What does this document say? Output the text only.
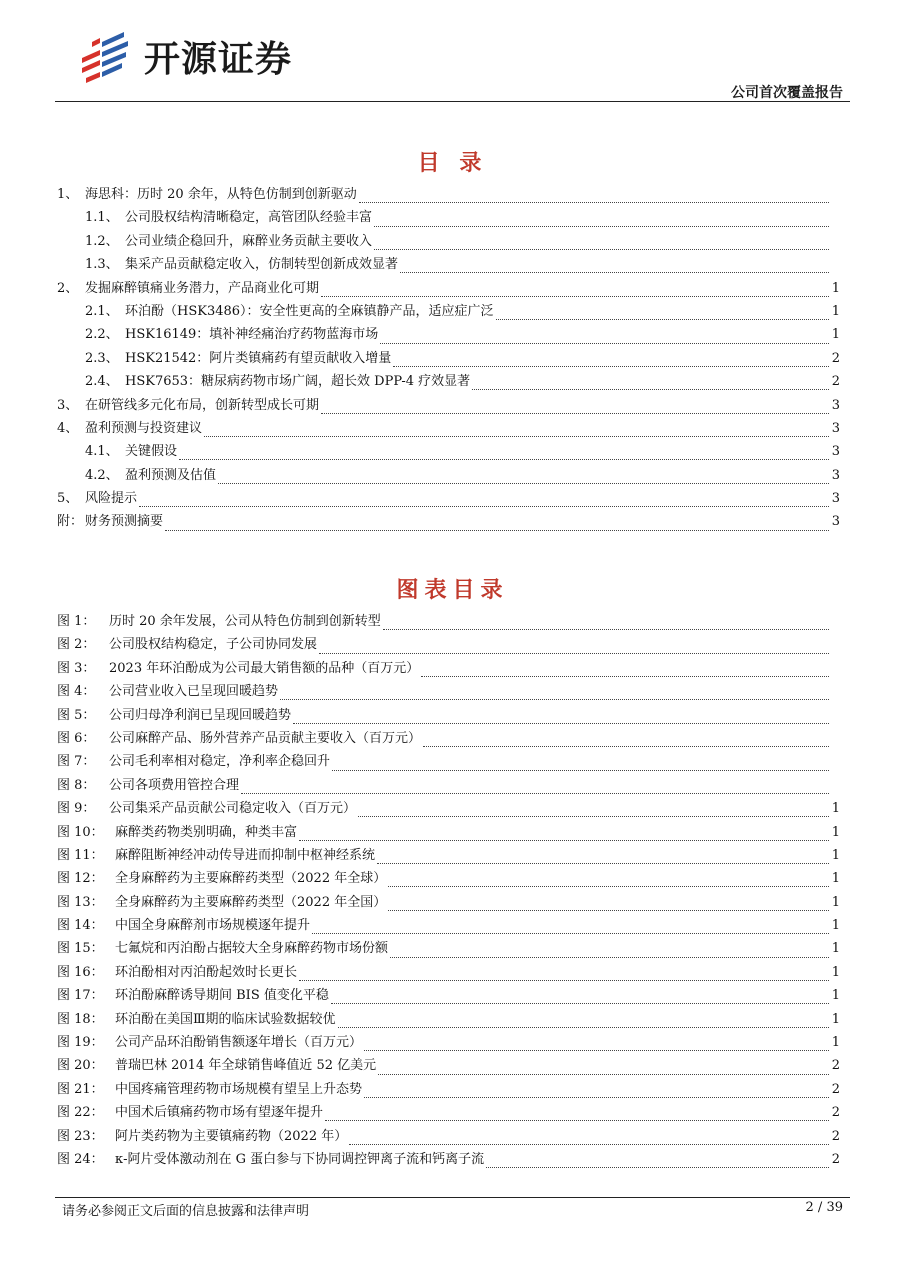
开源证券
公司首次覆盖报告
目 录
1、 海思科：历时 20 余年，从特色仿制到创新驱动
1.1、 公司股权结构清晰稳定，高管团队经验丰富
1.2、 公司业绩企稳回升，麻醉业务贡献主要收入
1.3、 集采产品贡献稳定收入，仿制转型创新成效显著
2、 发掘麻醉镇痛业务潜力，产品商业化可期	1
2.1、 环泊酚（HSK3486）：安全性更高的全麻镇静产品，适应症广泛	1
2.2、 HSK16149：填补神经痛治疗药物蓝海市场	1
2.3、 HSK21542：阿片类镇痛药有望贡献收入增量	2
2.4、 HSK7653：糖尿病药物市场广阔，超长效 DPP-4 疗效显著	2
3、 在研管线多元化布局，创新转型成长可期	3
4、 盈利预测与投资建议	3
4.1、 关键假设	3
4.2、 盈利预测及估值	3
5、 风险提示	3
附： 财务预测摘要	3
图表目录
图 1：	历时 20 余年发展，公司从特色仿制到创新转型
图 2：	公司股权结构稳定，子公司协同发展
图 3：	2023 年环泊酚成为公司最大销售额的品种（百万元）
图 4：	公司营业收入已呈现回暖趋势
图 5：	公司归母净利润已呈现回暖趋势
图 6：	公司麻醉产品、肠外营养产品贡献主要收入（百万元）
图 7：	公司毛利率相对稳定，净利率企稳回升
图 8：	公司各项费用管控合理
图 9：	公司集采产品贡献公司稳定收入（百万元）	1
图 10： 麻醉类药物类别明确，种类丰富	1
图 11： 麻醉阻断神经冲动传导进而抑制中枢神经系统	1
图 12： 全身麻醉药为主要麻醉药类型（2022 年全球）	1
图 13： 全身麻醉药为主要麻醉药类型（2022 年全国）	1
图 14： 中国全身麻醉剂市场规模逐年提升	1
图 15： 七氟烷和丙泊酚占据较大全身麻醉药物市场份额	1
图 16： 环泊酚相对丙泊酚起效时长更长	1
图 17： 环泊酚麻醉诱导期间 BIS 值变化平稳	1
图 18： 环泊酚在美国Ⅲ期的临床试验数据较优	1
图 19： 公司产品环泊酚销售额逐年增长（百万元）	1
图 20： 普瑞巴林 2014 年全球销售峰值近 52 亿美元	2
图 21： 中国疼痛管理药物市场规模有望呈上升态势	2
图 22： 中国术后镇痛药物市场有望逐年提升	2
图 23： 阿片类药物为主要镇痛药物（2022 年）	2
图 24： κ-阿片受体激动剂在 G 蛋白参与下协同调控钾离子流和钙离子流	2
请务必参阅正文后面的信息披露和法律声明	2 / 39
